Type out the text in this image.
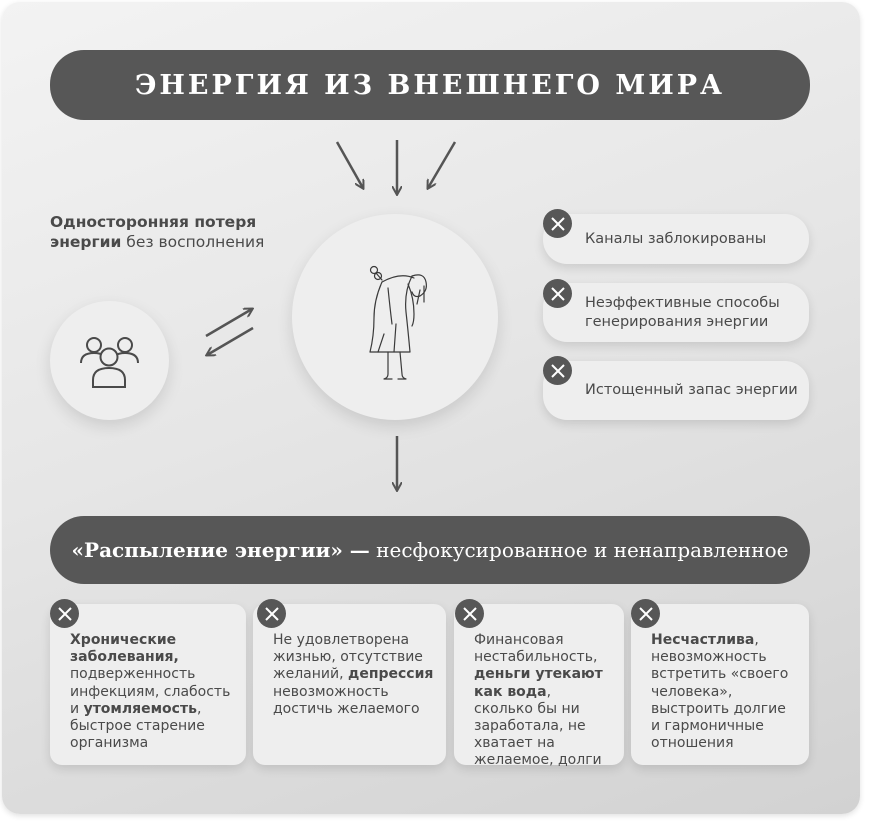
ЭНЕРГИЯ ИЗ ВНЕШНЕГО МИРА
Односторонняя потеря энергии без восполнения	Каналы заблокированы
Неэффективные способы генерирования энергии
Истощенный запас энергии
«Распыление энергии» — несфокусированное и ненаправленное
Хронические заболевания, подверженность инфекциям, слабость и утомляемость, быстрое старение организма
Не удовлетворена жизнью, отсутствие желаний, депрессия невозможность достичь желаемого
Финансовая нестабильность, деньги утекают как вода, сколько бы ни заработала, не хватает на желаемое, долги
Несчастлива, невозможность встретить «своего человека», выстроить долгие и гармоничные отношения
